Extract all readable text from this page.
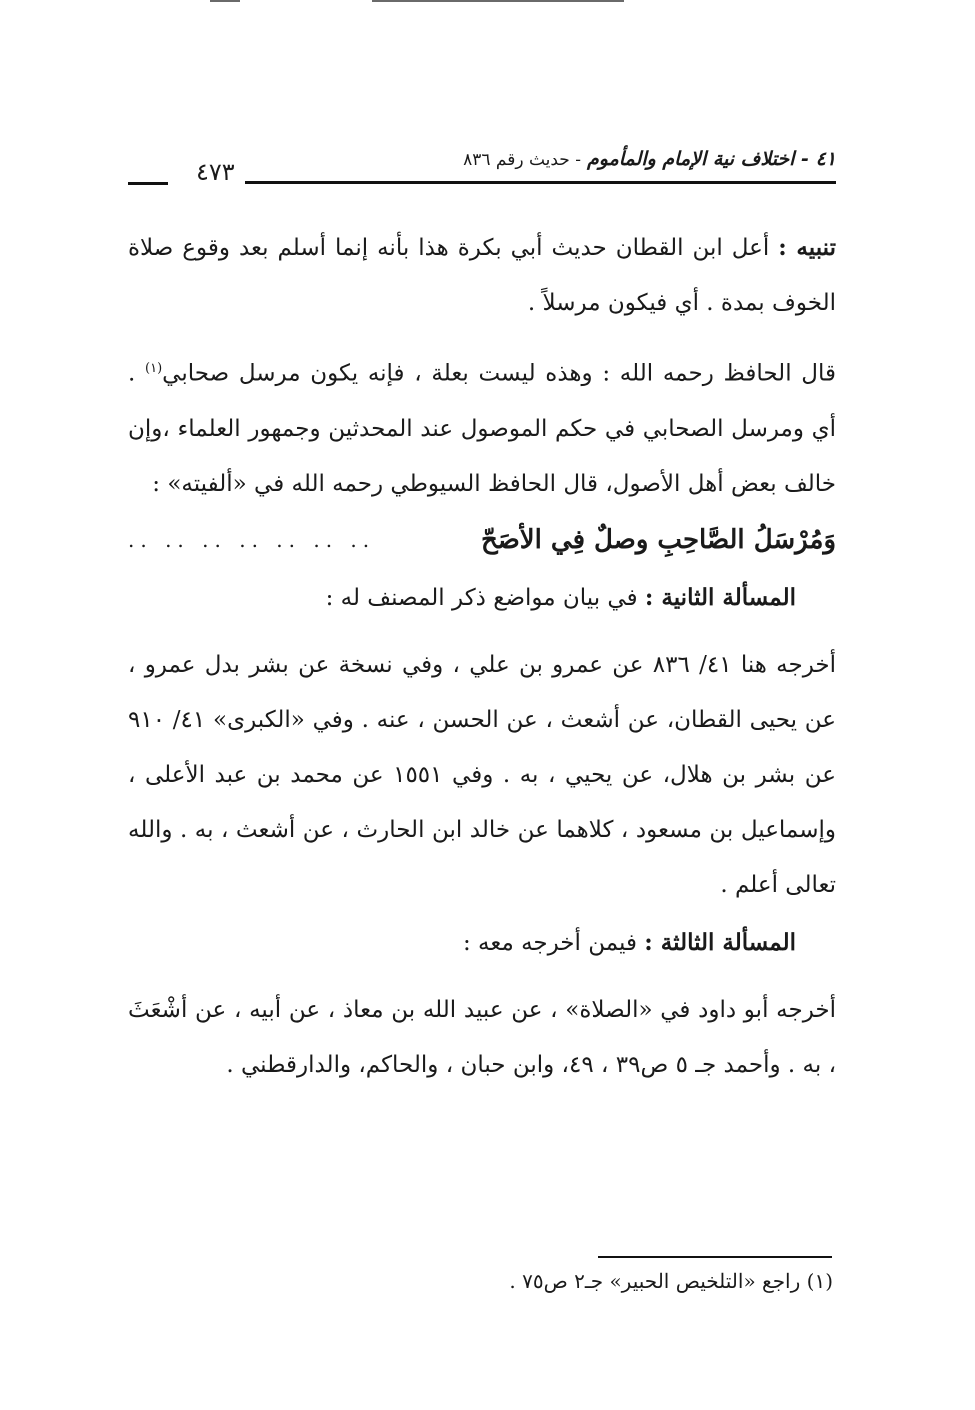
٤٧٣	٤١ - اختلاف نية الإمام والمأموم - حديث رقم ٨٣٦

تنبيه : أعل ابن القطان حديث أبي بكرة هذا بأنه إنما أسلم بعد وقوع صلاة الخوف بمدة . أي فيكون مرسلاً .

قال الحافظ رحمه الله : وهذه ليست بعلة ، فإنه يكون مرسل صحابي$^{(١)}$ . أي ومرسل الصحابي في حكم الموصول عند المحدثين وجمهور العلماء ،وإن خالف بعض أهل الأصول، قال الحافظ السيوطي رحمه الله في «ألفيته» :

وَمُرْسَلُ الصَّاحِبِ وصلٌ فِي الأصَحّ
.. .. .. .. .. .. ..

المسألة الثانية : في بيان مواضع ذكر المصنف له :

أخرجه هنا ٤١/ ٨٣٦ عن عمرو بن علي ، وفي نسخة عن بشر بدل عمرو ، عن يحيى القطان، عن أشعث ، عن الحسن ، عنه . وفي «الكبرى» ٤١/ ٩١٠ عن بشر بن هلال، عن يحيي ، به . وفي ١٥٥١ عن محمد بن عبد الأعلى ، وإسماعيل بن مسعود ، كلاهما عن خالد ابن الحارث ، عن أشعث ، به . والله تعالى أعلم .

المسألة الثالثة : فيمن أخرجه معه :

أخرجه أبو داود في «الصلاة» ، عن عبيد الله بن معاذ ، عن أبيه ، عن أشْعَثَ ، به . وأحمد جـ ٥ ص٣٩ ، ٤٩، وابن حبان ، والحاكم، والدارقطني .

(١) راجع «التلخيص الحبير» جـ٢ ص٧٥ .
